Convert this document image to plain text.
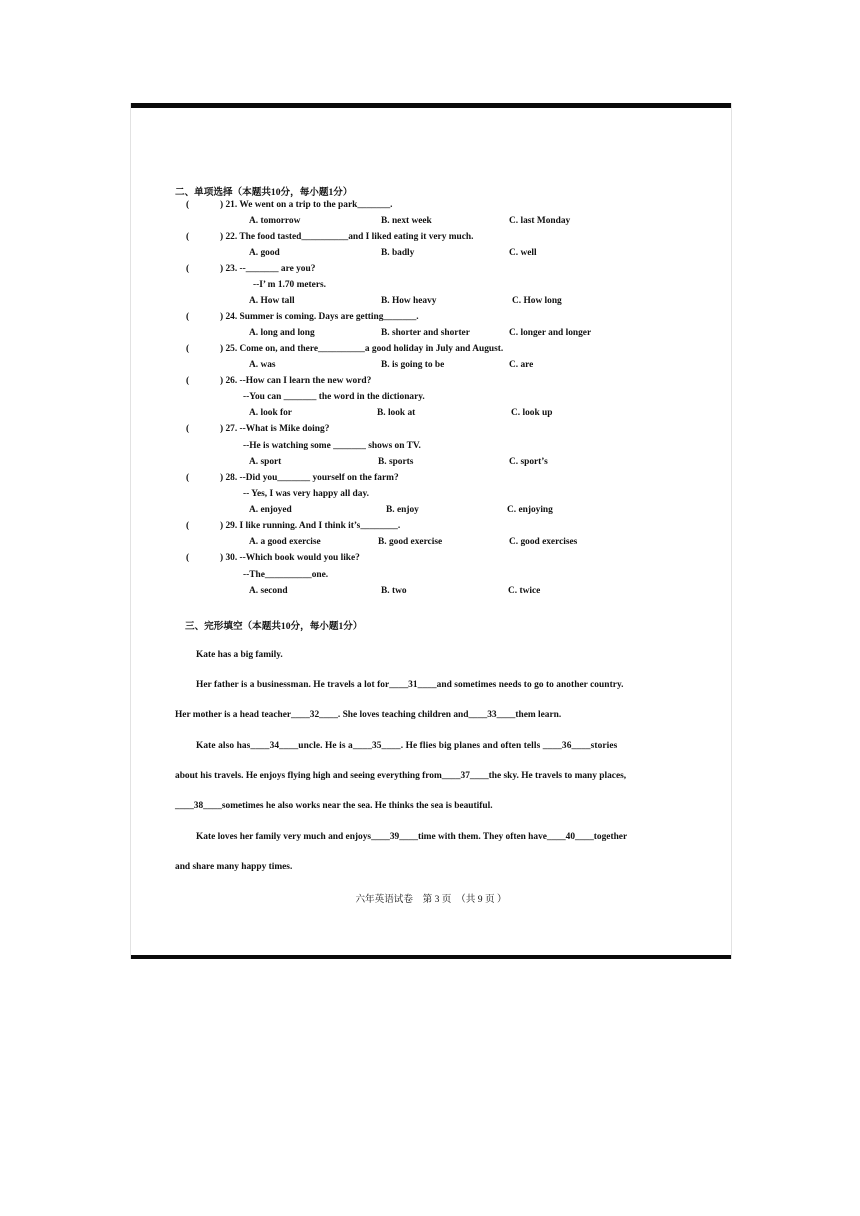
二、单项选择（本题共10分，每小题1分）
(	) 21. We went on a trip to the park_______.
A. tomorrow	B. next week	C. last Monday
(	) 22. The food tasted__________and I liked eating it very much.
A. good	B. badly	C. well
(	) 23. --_______ are you?
--I’ m 1.70 meters.
A. How tall	B. How heavy	C. How long
(	) 24. Summer is coming. Days are getting_______.
A. long and long	B. shorter and shorter	C. longer and longer
(	) 25. Come on, and there__________a good holiday in July and August.
A. was	B. is going to be	C. are
(	) 26. --How can I learn the new word?
--You can _______ the word in the dictionary.
A. look for	B. look at	C. look up
(	) 27. --What is Mike doing?
--He is watching some _______ shows on TV.
A. sport	B. sports	C. sport’s
(	) 28. --Did you_______ yourself on the farm?
-- Yes, I was very happy all day.
A. enjoyed	B. enjoy	C. enjoying
(	) 29. I like running. And I think it’s________.
A. a good exercise	B. good exercise	C. good exercises
(	) 30. --Which book would you like?
--The__________one.
A. second	B. two	C. twice
三、完形填空（本题共10分，每小题1分）
Kate has a big family.
Her father is a businessman. He travels a lot for____31____and sometimes needs to go to another country.
Her mother is a head teacher____32____. She loves teaching children and____33____them learn.
Kate also has____34____uncle. He is a____35____. He flies big planes and often tells ____36____stories
about his travels. He enjoys flying high and seeing everything from____37____the sky. He travels to many places,
____38____sometimes he also works near the sea. He thinks the sea is beautiful.
Kate loves her family very much and enjoys____39____time with them. They often have____40____together
and share many happy times.
六年英语试卷    第 3 页  （共 9 页 ）
